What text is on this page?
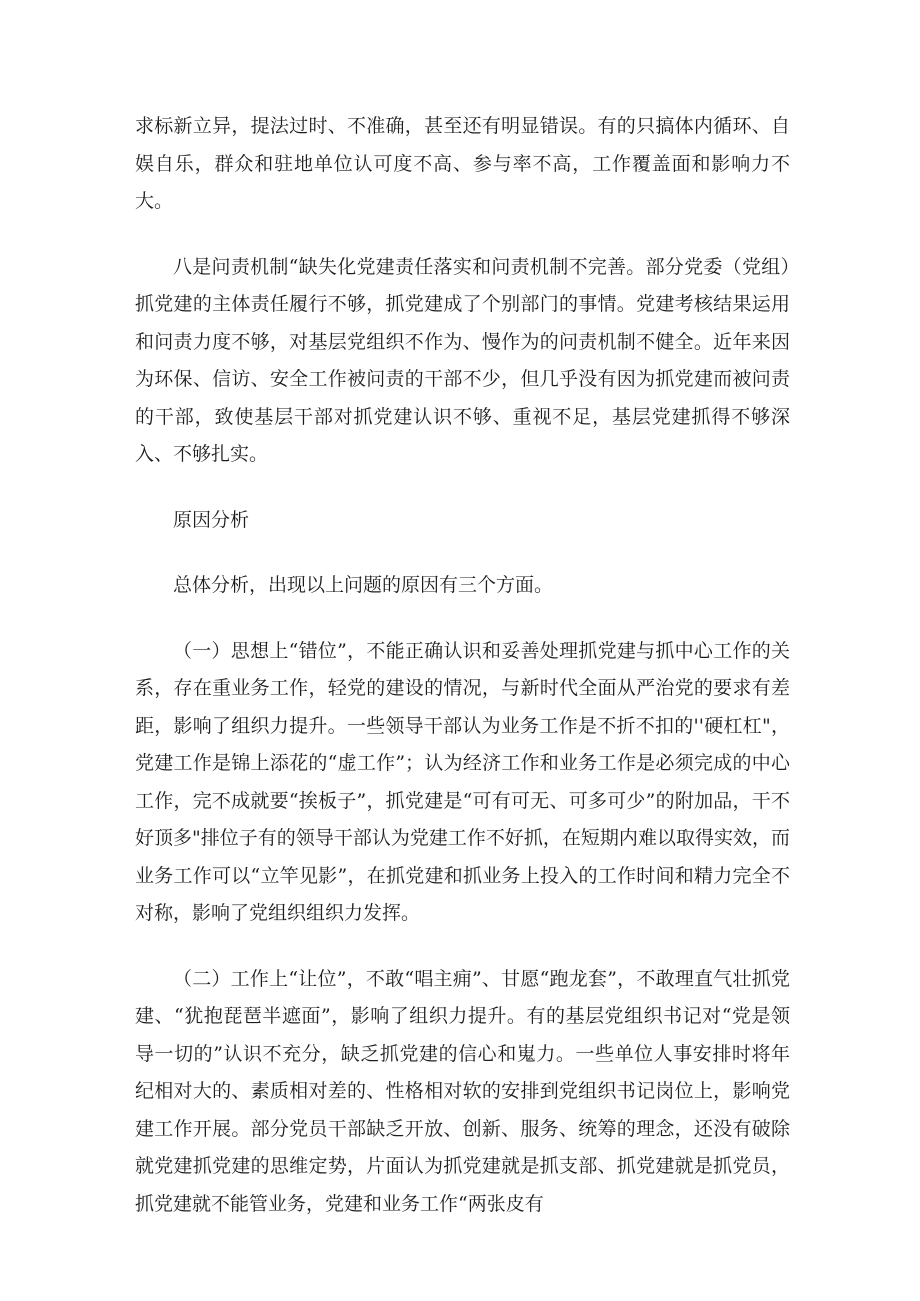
求标新立异，提法过时、不准确，甚至还有明显错误。有的只搞体内循环、自娱自乐，群众和驻地单位认可度不高、参与率不高，工作覆盖面和影响力不大。

八是问责机制“缺失化党建责任落实和问责机制不完善。部分党委（党组）抓党建的主体责任履行不够，抓党建成了个别部门的事情。党建考核结果运用和问责力度不够，对基层党组织不作为、慢作为的问责机制不健全。近年来因为环保、信访、安全工作被问责的干部不少，但几乎没有因为抓党建而被问责的干部，致使基层干部对抓党建认识不够、重视不足，基层党建抓得不够深入、不够扎实。

原因分析

总体分析，出现以上问题的原因有三个方面。

（一）思想上“错位”，不能正确认识和妥善处理抓党建与抓中心工作的关系，存在重业务工作，轻党的建设的情况，与新时代全面从严治党的要求有差距，影响了组织力提升。一些领导干部认为业务工作是不折不扣的''硬杠杠"，党建工作是锦上添花的“虚工作”；认为经济工作和业务工作是必须完成的中心工作，完不成就要“挨板子”，抓党建是“可有可无、可多可少”的附加品，干不好顶多"排位子有的领导干部认为党建工作不好抓，在短期内难以取得实效，而业务工作可以“立竿见影”，在抓党建和抓业务上投入的工作时间和精力完全不对称，影响了党组织组织力发挥。

（二）工作上“让位”，不敢“唱主痈”、甘愿“跑龙套”，不敢理直气壮抓党建、“犹抱琵琶半遮面”，影响了组织力提升。有的基层党组织书记对“党是领导一切的”认识不充分，缺乏抓党建的信心和嵬力。一些单位人事安排时将年纪相对大的、素质相对差的、性格相对软的安排到党组织书记岗位上，影响党建工作开展。部分党员干部缺乏开放、创新、服务、统筹的理念，还没有破除就党建抓党建的思维定势，片面认为抓党建就是抓支部、抓党建就是抓党员，抓党建就不能管业务，党建和业务工作“两张皮有
